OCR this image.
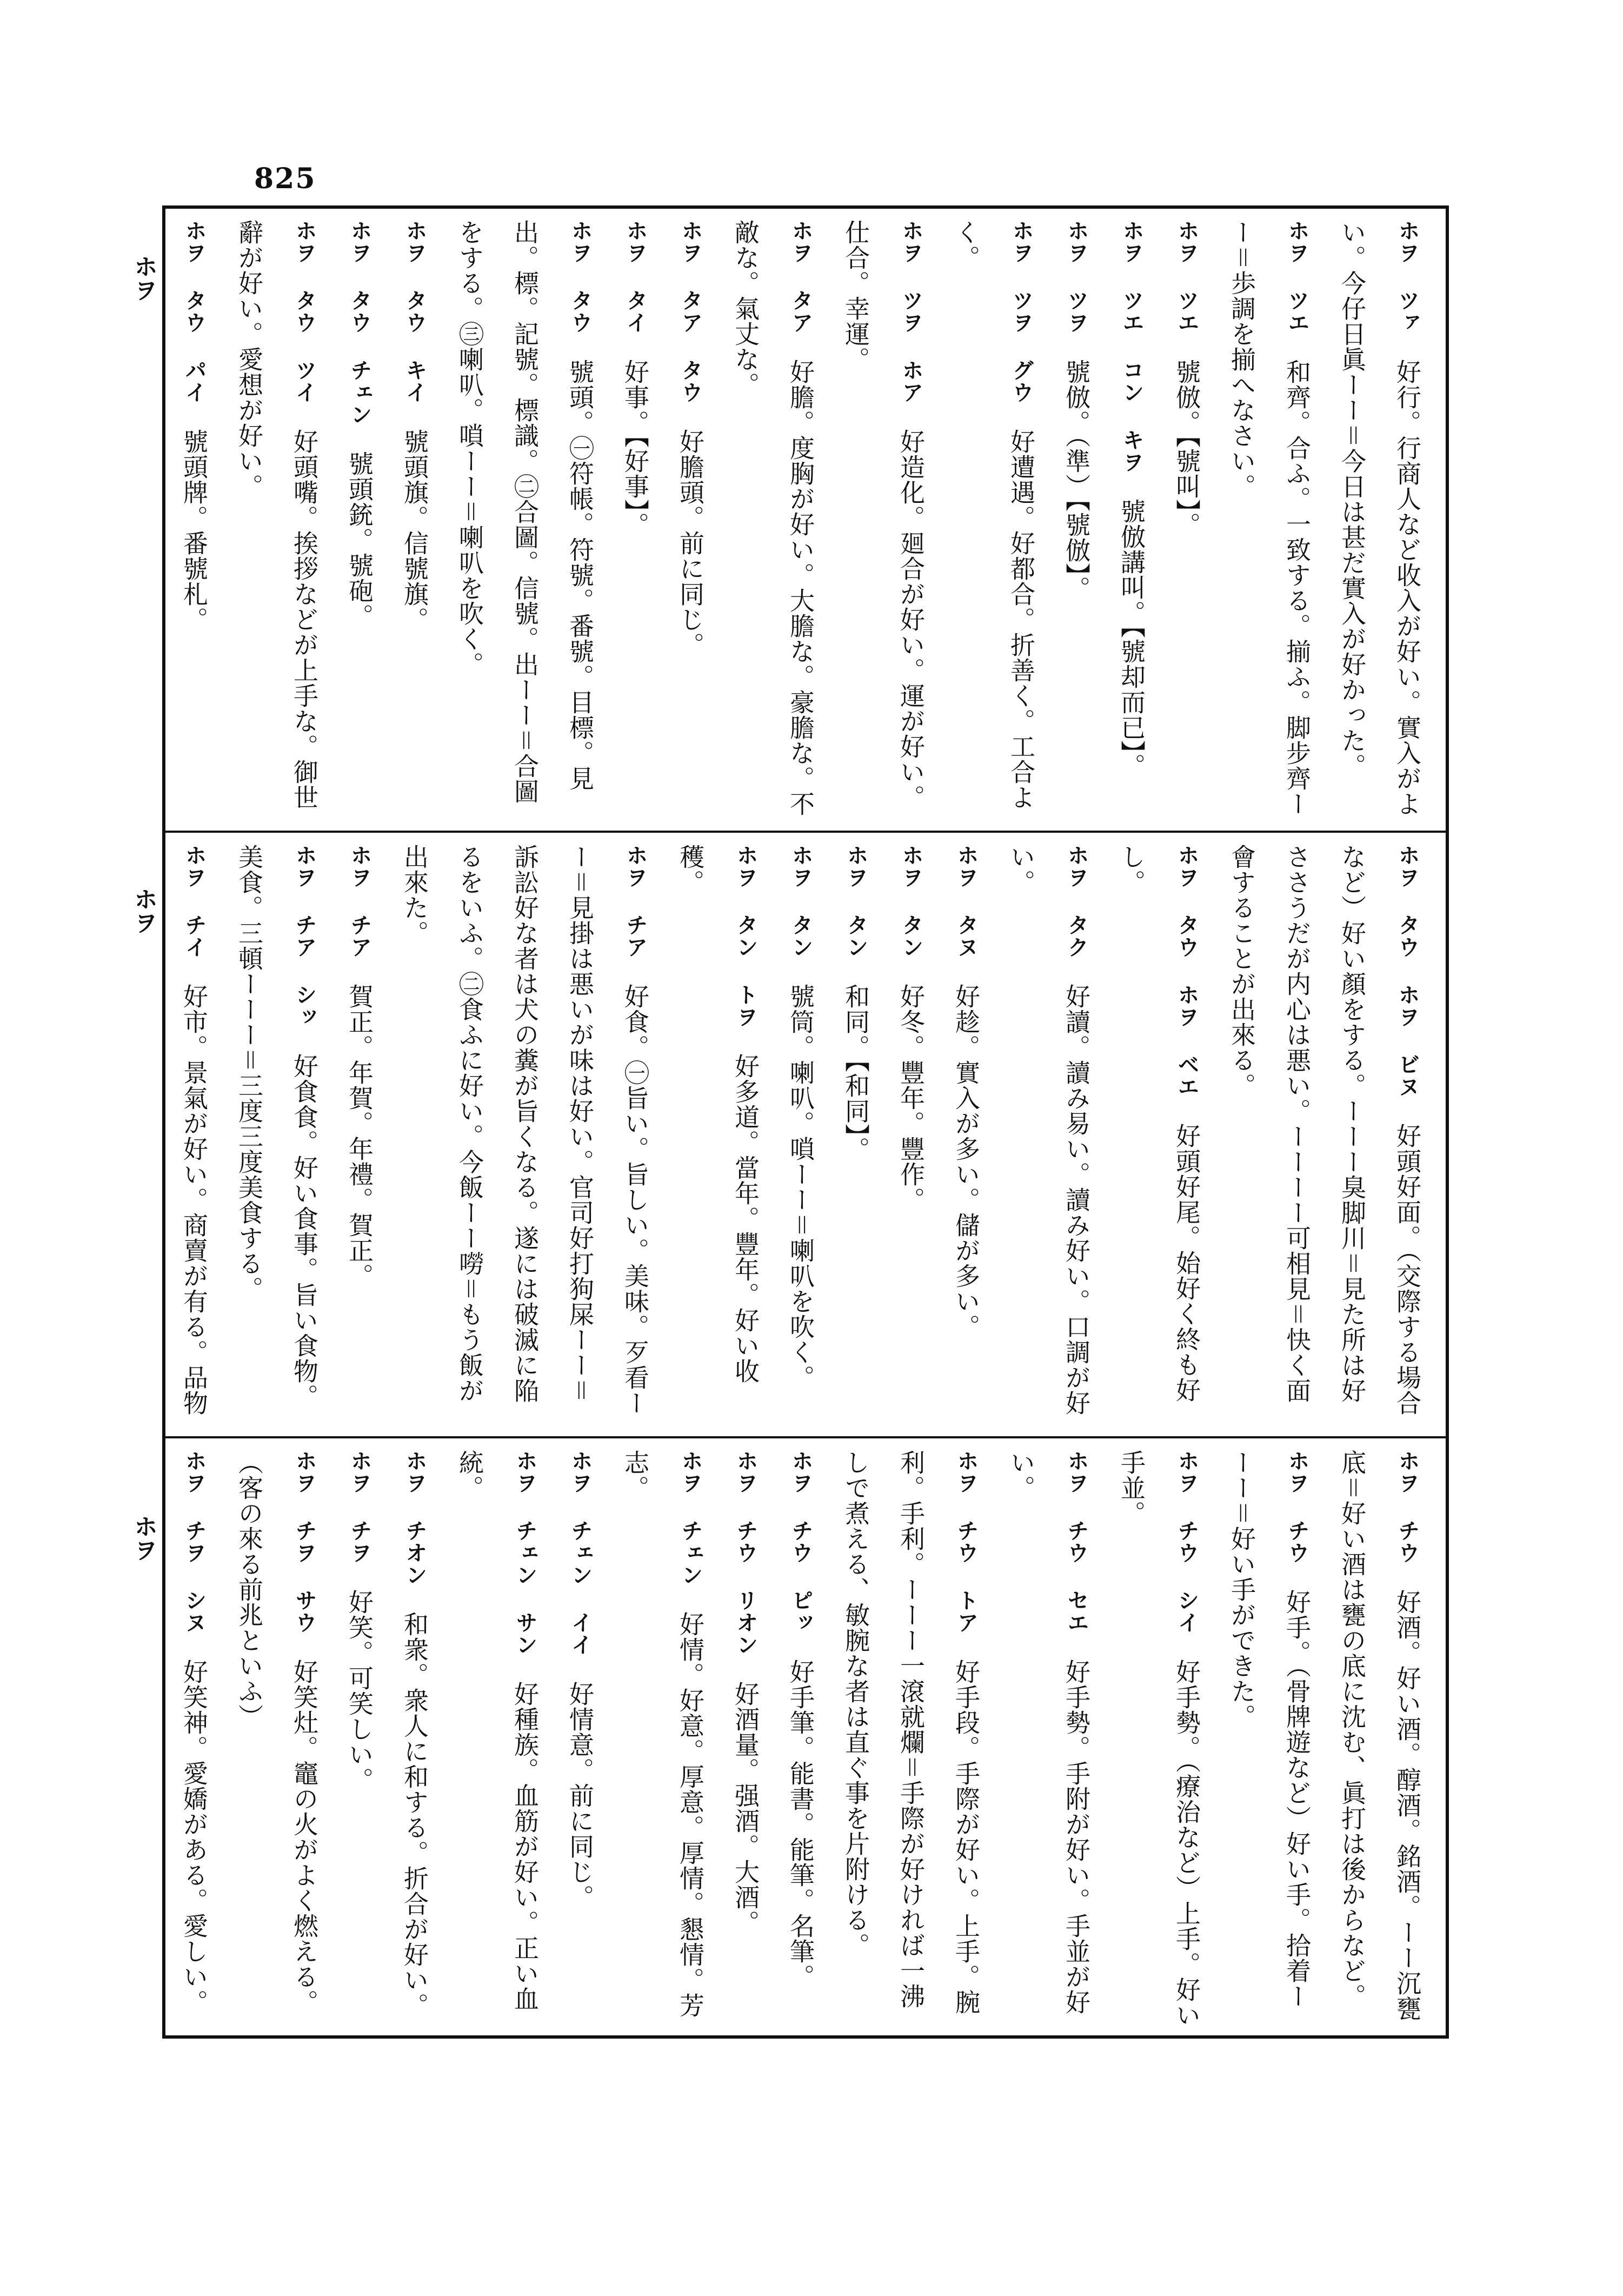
825
ホヲ
ホヲ
ホヲ
ホヲ ツァ　好行。行商人など收入が好い。實入がよい。今仔日眞ーー＝今日は甚だ實入が好かった。
ホヲ ツエ　和齊。合ふ。一致する。揃ふ。脚步齊ーー＝歩調を揃へなさい。
ホヲ ツエ　號倣。【號叫】。
ホヲ ツエ コン キヲ　號倣講叫。【號却而已】。
ホヲ ツヲ　號倣。（準）【號倣】。
ホヲ ツヲ グウ　好遭遇。好都合。折善く。工合よく。
ホヲ ツヲ ホア　好造化。廻合が好い。運が好い。仕合。幸運。
ホヲ タア　好膽。度胸が好い。大膽な。豪膽な。不敵な。氣丈な。
ホヲ タア タウ　好膽頭。前に同じ。
ホヲ タイ　好事。【好事】。
ホヲ タウ　號頭。㊀符帳。符號。番號。目標。見出。標。記號。標識。㊁合圖。信號。出ーー＝合圖をする。㊂喇叭。嗩ーー＝喇叭を吹く。
ホヲ タウ キイ　號頭旗。信號旗。
ホヲ タウ チェン　號頭銃。號砲。
ホヲ タウ ツイ　好頭嘴。挨拶などが上手な。御世辭が好い。愛想が好い。
ホヲ タウ パイ　號頭牌。番號札。

ホヲ タウ ホヲ ビヌ　好頭好面。（交際する場合など）好い顏をする。ーーー臭脚川＝見た所は好ささうだが内心は悪い。ーーーー可相見＝快く面會することが出來る。
ホヲ タウ ホヲ ベエ　好頭好尾。始好く終も好し。
ホヲ タク　好讀。讀み易い。讀み好い。口調が好い。
ホヲ タヌ　好趁。實入が多い。儲が多い。
ホヲ タン　好冬。豐年。豐作。
ホヲ タン　和同。【和同】。
ホヲ タン　號筒。喇叭。嗩ーー＝喇叭を吹く。
ホヲ タン トヲ　好多道。當年。豐年。好い收穫。
ホヲ チア　好食。㊀旨い。旨しい。美味。歹看ーー＝見掛は悪いが味は好い。官司好打狗屎ーー＝訴訟好な者は犬の糞が旨くなる。遂には破滅に陥るをいふ。㊁食ふに好い。今飯ーー嘮＝もう飯が出來た。
ホヲ チア　賀正。年賀。年禮。賀正。
ホヲ チア シッ　好食食。好い食事。旨い食物。美食。三頓ーーー＝三度三度美食する。
ホヲ チイ　好市。景氣が好い。商賣が有る。品物

ホヲ チウ　好酒。好い酒。醇酒。銘酒。ーー沉甕底＝好い酒は甕の底に沈む、眞打は後からなど。
ホヲ チウ　好手。（骨牌遊など）好い手。拾着ーーー＝好い手ができた。
ホヲ チウ シイ　好手勢。（療治など）上手。好い手並。
ホヲ チウ セエ　好手勢。手附が好い。手並が好い。
ホヲ チウ トア　好手段。手際が好い。上手。腕利。手利。ーーー一滾就爛＝手際が好ければ一沸しで煮える、敏腕な者は直ぐ事を片附ける。
ホヲ チウ ピッ　好手筆。能書。能筆。名筆。
ホヲ チウ リオン　好酒量。强酒。大酒。
ホヲ チェン　好情。好意。厚意。厚情。懇情。芳志。
ホヲ チェン イイ　好情意。前に同じ。
ホヲ チェン サン　好種族。血筋が好い。正い血統。
ホヲ チオン　和衆。衆人に和する。折合が好い。
ホヲ チヲ　好笑。可笑しい。
ホヲ チヲ サウ　好笑灶。竈の火がよく燃える。（客の來る前兆といふ）
ホヲ チヲ シヌ　好笑神。愛嬌がある。愛しい。
